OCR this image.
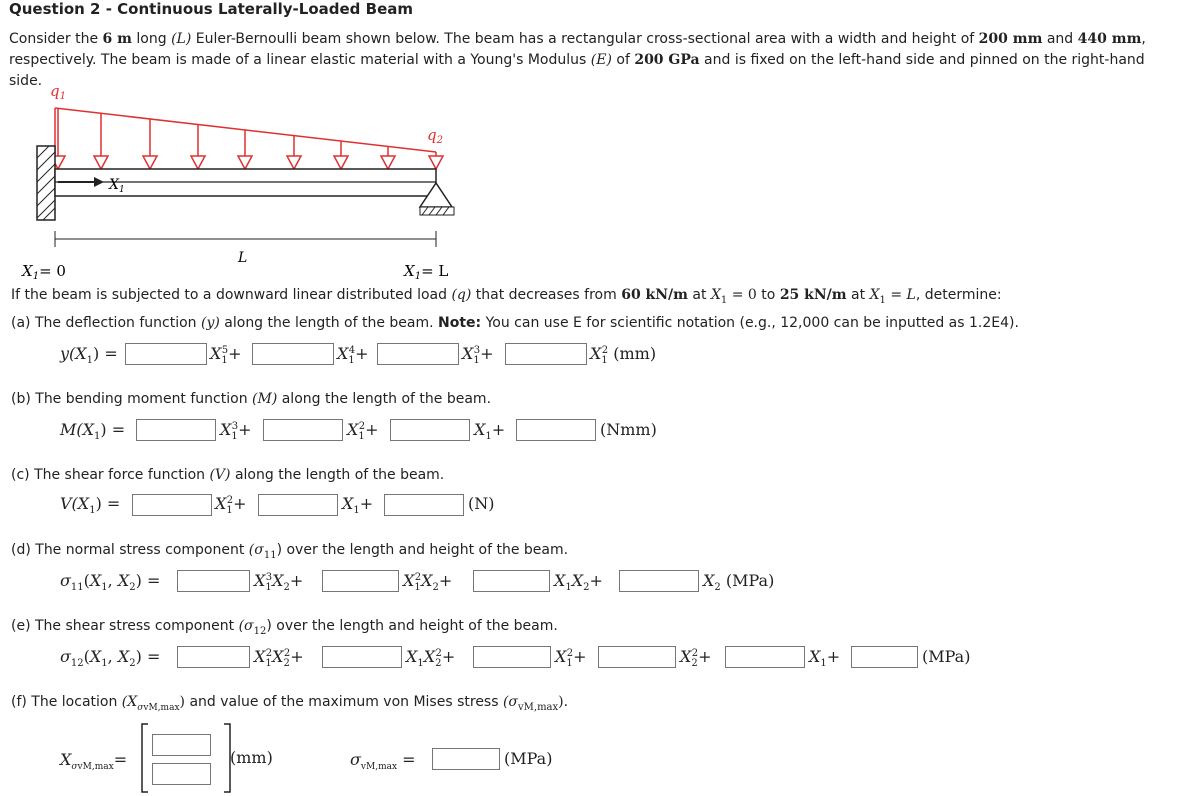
Question 2 - Continuous Laterally-Loaded Beam
Consider the 6 m long (L) Euler-Bernoulli beam shown below. The beam has a rectangular cross-sectional area with a width and height of 200 mm and 440 mm, respectively. The beam is made of a linear elastic material with a Young's Modulus (E) of 200 GPa and is fixed on the left-hand side and pinned on the right-hand side.
$X_1$
$q_1$
$q_2$
L
$X_1= 0$	$X_1= L$
If the beam is subjected to a downward linear distributed load (q) that decreases from 60 kN/m at $X_1 = 0$ to 25 kN/m at $X_1 = L$, determine:
(a) The deflection function (y) along the length of the beam. Note: You can use E for scientific notation (e.g., 12,000 can be inputted as 1.2E4).
$y(X_1)$ =	$X_1^5+$	$X_1^4+$	$X_1^3+$	$X_1^2$ (mm)
(b) The bending moment function (M) along the length of the beam.
$M(X_1)$ =	$X_1^3+$	$X_1^2+$	$X_1+$	(Nmm)
(c) The shear force function (V) along the length of the beam.
$V(X_1)$ =	$X_1^2+$	$X_1+$	(N)
(d) The normal stress component $(\sigma_{11})$ over the length and height of the beam.
$\sigma_{11}(X_1$, $X_2$) =	$X_1^3X_2+$	$X_1^2X_2+$	$X_1X_2+$	$X_2$ (MPa)
(e) The shear stress component $(\sigma_{12})$ over the length and height of the beam.
$\sigma_{12}(X_1$, $X_2$) =	$X_1^2X_2^2+$	$X_1X_2^2+$	$X_1^2+$	$X_2^2+$	$X_1+$	(MPa)
(f) The location $(X_{\sigma vM,max})$ and value of the maximum von Mises stress $(\sigma_{vM,max})$.
$X_{\sigma vM,max}=$	(mm)	$\sigma_{vM,max}$ =	(MPa)
